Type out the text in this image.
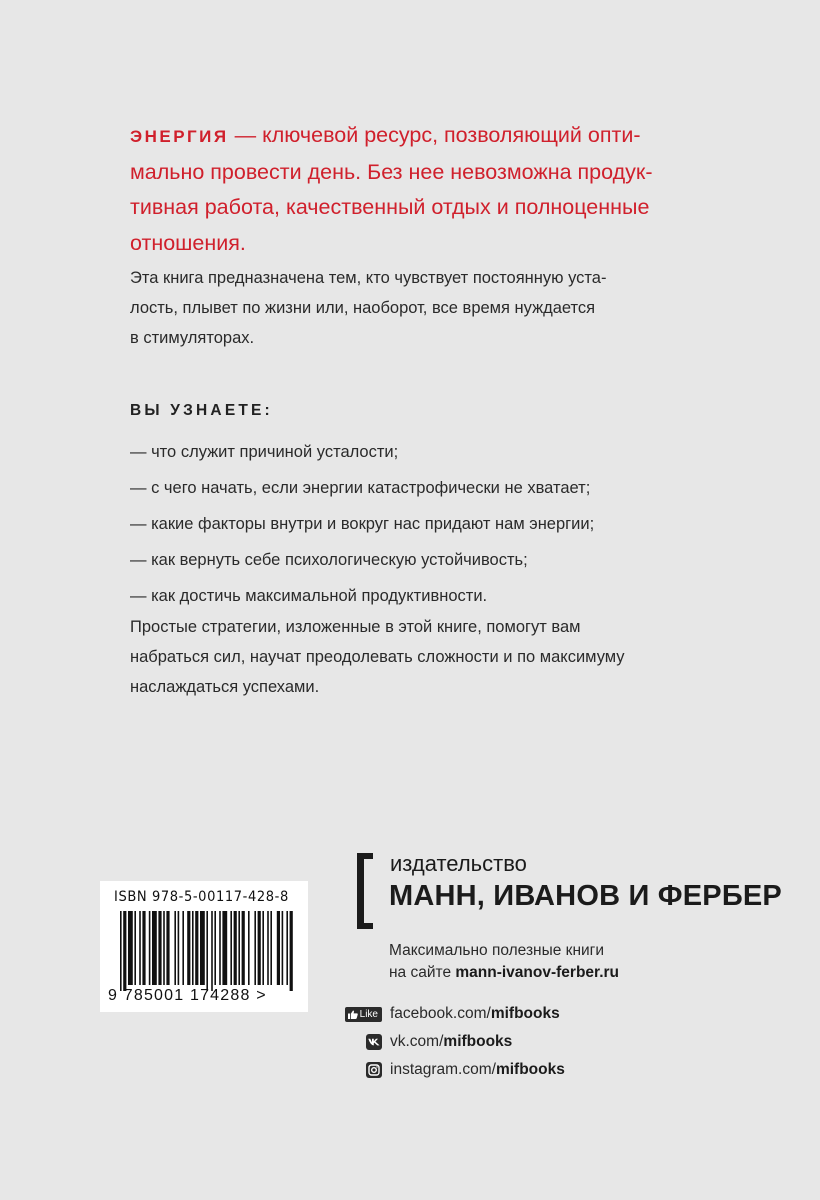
ЭНЕРГИЯ — ключевой ресурс, позволяющий опти-
мально провести день. Без нее невозможна продук-
тивная работа, качественный отдых и полноценные
отношения.

Эта книга предназначена тем, кто чувствует постоянную уста-
лость, плывет по жизни или, наоборот, все время нуждается
в стимуляторах.

ВЫ УЗНАЕТЕ:
— что служит причиной усталости;
— с чего начать, если энергии катастрофически не хватает;
— какие факторы внутри и вокруг нас придают нам энергии;
— как вернуть себе психологическую устойчивость;
— как достичь максимальной продуктивности.

Простые стратегии, изложенные в этой книге, помогут вам
набраться сил, научат преодолевать сложности и по максимуму
наслаждаться успехами.

ISBN 978-5-00117-428-8
9 785001 174288 >
издательство
МАНН, ИВАНОВ И ФЕРБЕР
Максимально полезные книги
на сайте mann-ivanov-ferber.ru
Like facebook.com/ mifbooks
vk.com/ mifbooks
instagram.com/ mifbooks
